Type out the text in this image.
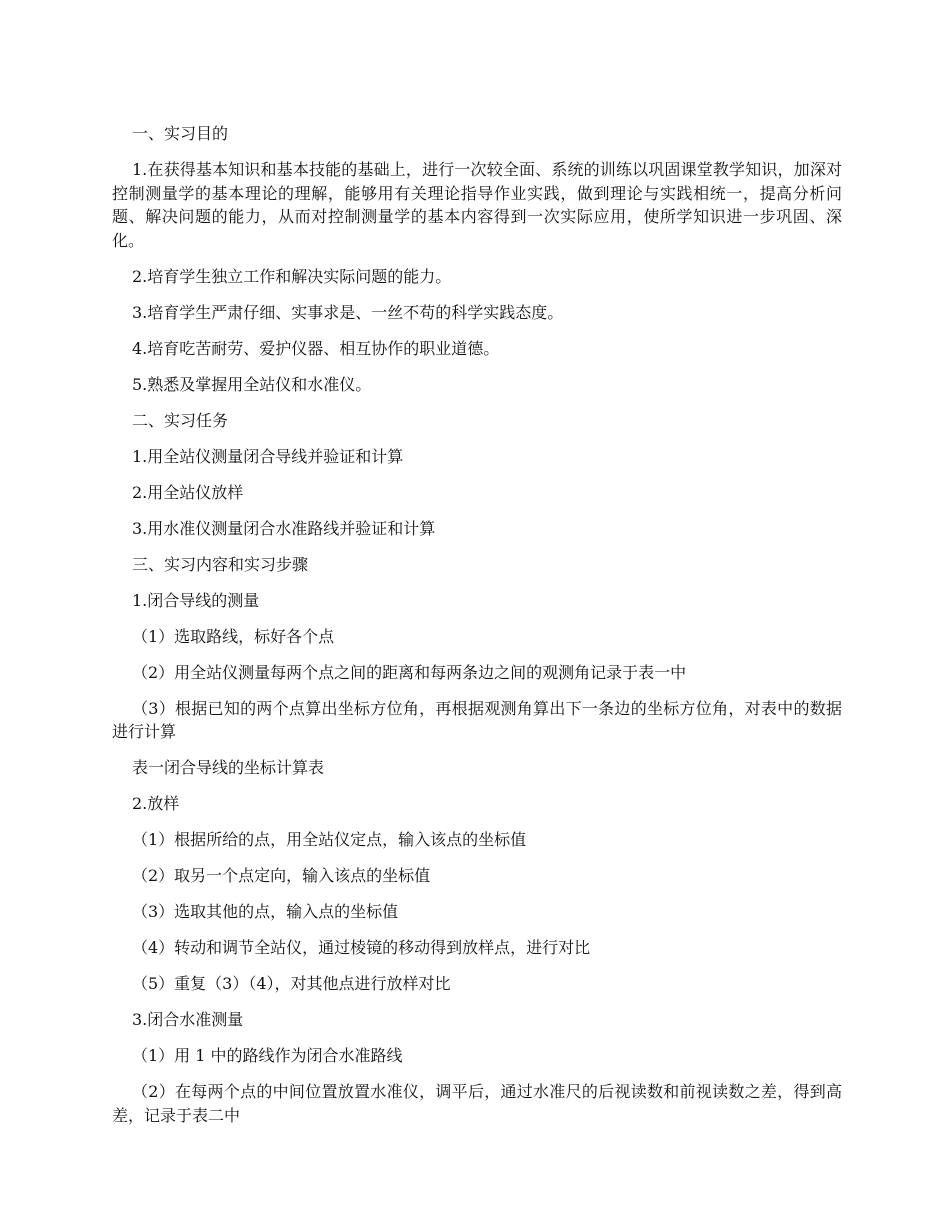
一、实习目的

1.在获得基本知识和基本技能的基础上，进行一次较全面、系统的训练以巩固课堂教学知识，加深对控制测量学的基本理论的理解，能够用有关理论指导作业实践，做到理论与实践相统一，提高分析问题、解决问题的能力，从而对控制测量学的基本内容得到一次实际应用，使所学知识进一步巩固、深化。

2.培育学生独立工作和解决实际问题的能力。

3.培育学生严肃仔细、实事求是、一丝不苟的科学实践态度。

4.培育吃苦耐劳、爱护仪器、相互协作的职业道德。

5.熟悉及掌握用全站仪和水准仪。

二、实习任务

1.用全站仪测量闭合导线并验证和计算

2.用全站仪放样

3.用水准仪测量闭合水准路线并验证和计算

三、实习内容和实习步骤

1.闭合导线的测量

（1）选取路线，标好各个点

（2）用全站仪测量每两个点之间的距离和每两条边之间的观测角记录于表一中

（3）根据已知的两个点算出坐标方位角，再根据观测角算出下一条边的坐标方位角，对表中的数据进行计算

表一闭合导线的坐标计算表

2.放样

（1）根据所给的点，用全站仪定点，输入该点的坐标值

（2）取另一个点定向，输入该点的坐标值

（3）选取其他的点，输入点的坐标值

（4）转动和调节全站仪，通过棱镜的移动得到放样点，进行对比

（5）重复（3）（4），对其他点进行放样对比

3.闭合水准测量

（1）用 1 中的路线作为闭合水准路线

（2）在每两个点的中间位置放置水准仪，调平后，通过水准尺的后视读数和前视读数之差，得到高差，记录于表二中
